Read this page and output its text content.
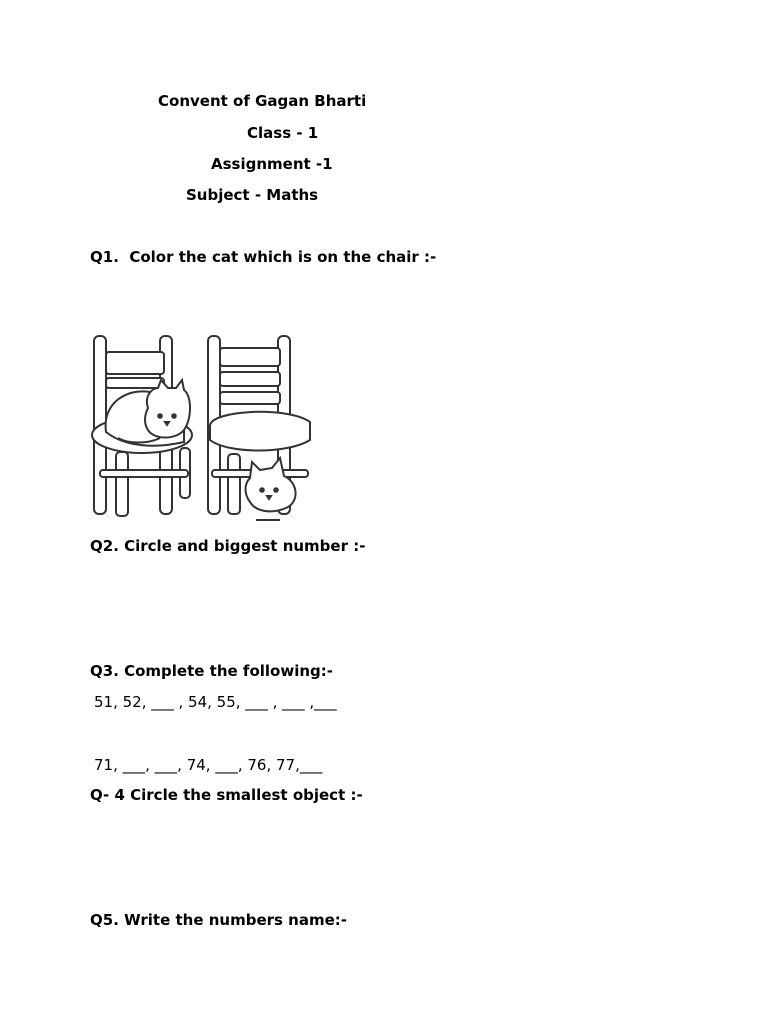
Convent of Gagan Bharti
Class - 1
Assignment -1
Subject - Maths
Q1.  Color the cat which is on the chair :-
Q2. Circle and biggest number :-
Q3. Complete the following:-
51, 52, ___ , 54, 55, ___ , ___ ,___
71, ___, ___, 74, ___, 76, 77,___
Q- 4 Circle the smallest object :-
Q5. Write the numbers name:-
